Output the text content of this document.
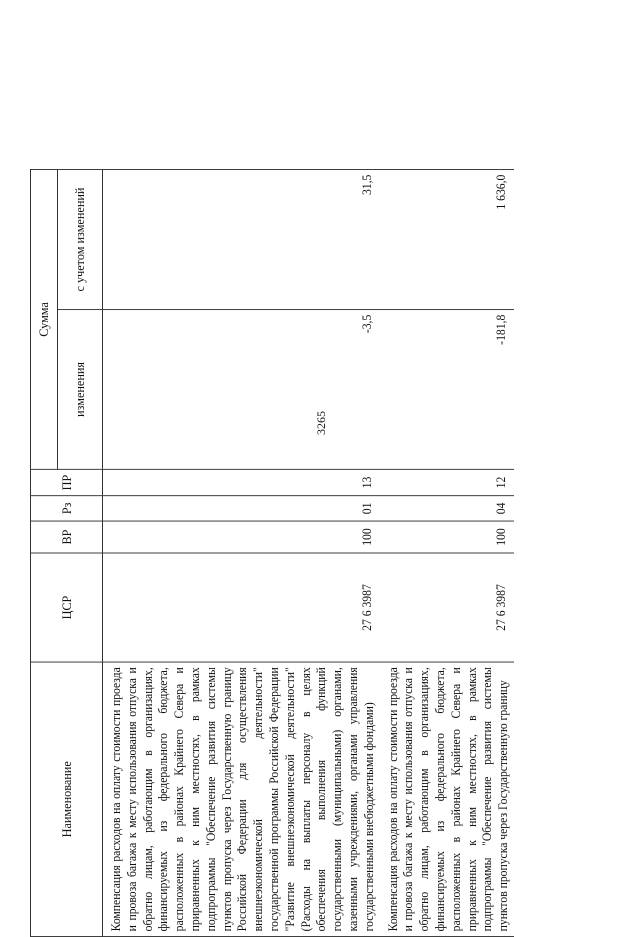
3265
Наименование	ЦСР	ВР	Рз	ПР	Сумма	
					изменения	с учетом изменений

Компенсация расходов на оплату стоимости проезда и провоза багажа к месту использования отпуска и обратно лицам, работающим в организациях, финансируемых из федерального бюджета, расположенных в районах Крайнего Севера и приравненных к ним местностях, в рамках подпрограммы "Обеспечение развития системы пунктов пропуска через Государственную границу Российской Федерации для осуществления внешнеэкономической деятельности" государственной программы Российской Федерации "Развитие внешнеэкономической деятельности" (Расходы на выплаты персоналу в целях обеспечения выполнения функций государственными (муниципальными) органами, казенными учреждениями, органами управления государственными внебюджетными фондами)	27 6 3987	100	01	13	-3,5	31,5

Компенсация расходов на оплату стоимости проезда и провоза багажа к месту использования отпуска и обратно лицам, работающим в организациях, финансируемых из федерального бюджета, расположенных в районах Крайнего Севера и приравненных к ним местностях, в рамках подпрограммы "Обеспечение развития системы пунктов пропуска через Государственную границу	27 6 3987	100	04	12	-181,8	1 636,0
